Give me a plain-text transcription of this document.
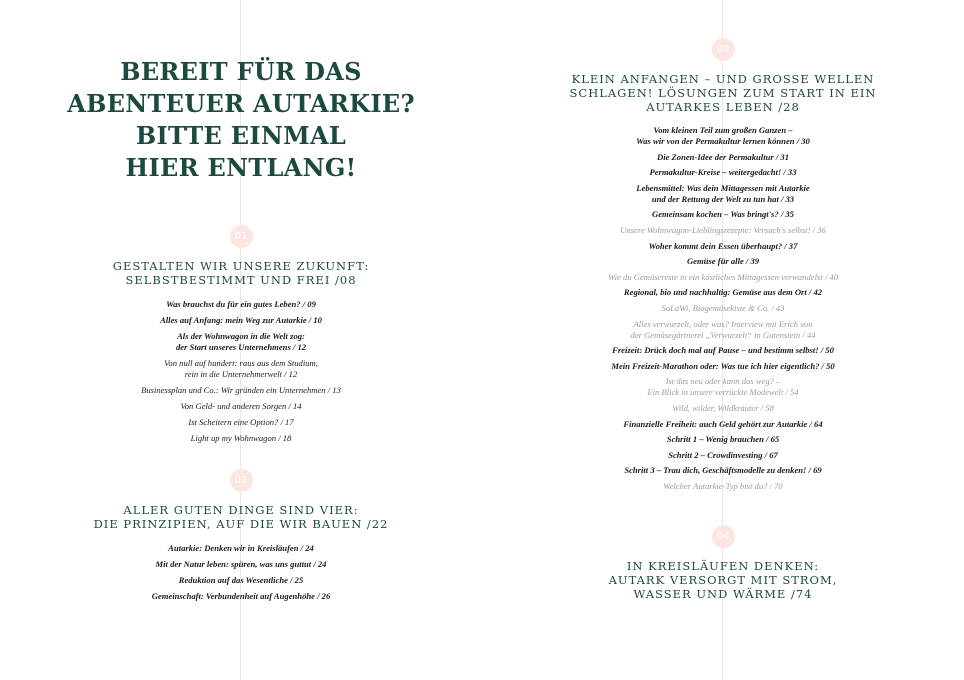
BEREIT FÜR DAS
ABENTEUER AUTARKIE?
BITTE EINMAL
HIER ENTLANG!
01
GESTALTEN WIR UNSERE ZUKUNFT:
SELBSTBESTIMMT UND FREI /08
Was brauchst du für ein gutes Leben? / 09
Alles auf Anfang: mein Weg zur Autarkie / 10
Als der Wohnwagon in die Welt zog:
der Start unseres Unternehmens / 12
Von null auf hundert: raus aus dem Studium,
rein in die Unternehmerwelt / 12
Businessplan und Co.: Wir gründen ein Unternehmen / 13
Von Geld- und anderen Sorgen / 14
Ist Scheitern eine Option? / 17
Light up my Wohnwagon / 18
02
ALLER GUTEN DINGE SIND VIER:
DIE PRINZIPIEN, AUF DIE WIR BAUEN /22
Autarkie: Denken wir in Kreisläufen / 24
Mit der Natur leben: spüren, was uns guttut / 24
Reduktion auf das Wesentliche / 25
Gemeinschaft: Verbundenheit auf Augenhöhe / 26
03
KLEIN ANFANGEN – UND GROSSE WELLEN
SCHLAGEN! LÖSUNGEN ZUM START IN EIN
AUTARKES LEBEN /28
Vom kleinen Teil zum großen Ganzen –
Was wir von der Permakultur lernen können / 30
Die Zonen-Idee der Permakultur / 31
Permakultur-Kreise – weitergedacht! / 33
Lebensmittel: Was dein Mittagessen mit Autarkie
und der Rettung der Welt zu tun hat / 33
Gemeinsam kochen – Was bringt's? / 35
Unsere Wohnwagon-Lieblingsrezepte: Versuch's selbst! / 36
Woher kommt dein Essen überhaupt? / 37
Gemüse für alle / 39
Wie du Gemüsereste in ein köstliches Mittagessen verwandelst / 40
Regional, bio und nachhaltig: Gemüse aus dem Ort / 42
SoLaWi, Biogemüsekiste & Co. / 43
Alles verwurzelt, oder was? Interview mit Erich von
der Gemüsegärtnerei „Verwurzelt“ in Gutenstein / 44
Freizeit: Drück doch mal auf Pause – und bestimm selbst! / 50
Mein Freizeit-Marathon oder: Was tue ich hier eigentlich? / 50
Ist das neu oder kann das weg? –
Ein Blick in unsere verrückte Modewelt / 54
Wild, wilder, Wildkräuter / 58
Finanzielle Freiheit: auch Geld gehört zur Autarkie / 64
Schritt 1 – Wenig brauchen / 65
Schritt 2 – Crowdinvesting / 67
Schritt 3 – Trau dich, Geschäftsmodelle zu denken! / 69
Welcher Autarkie-Typ bist du? / 70
04
IN KREISLÄUFEN DENKEN:
AUTARK VERSORGT MIT STROM,
WASSER UND WÄRME /74
